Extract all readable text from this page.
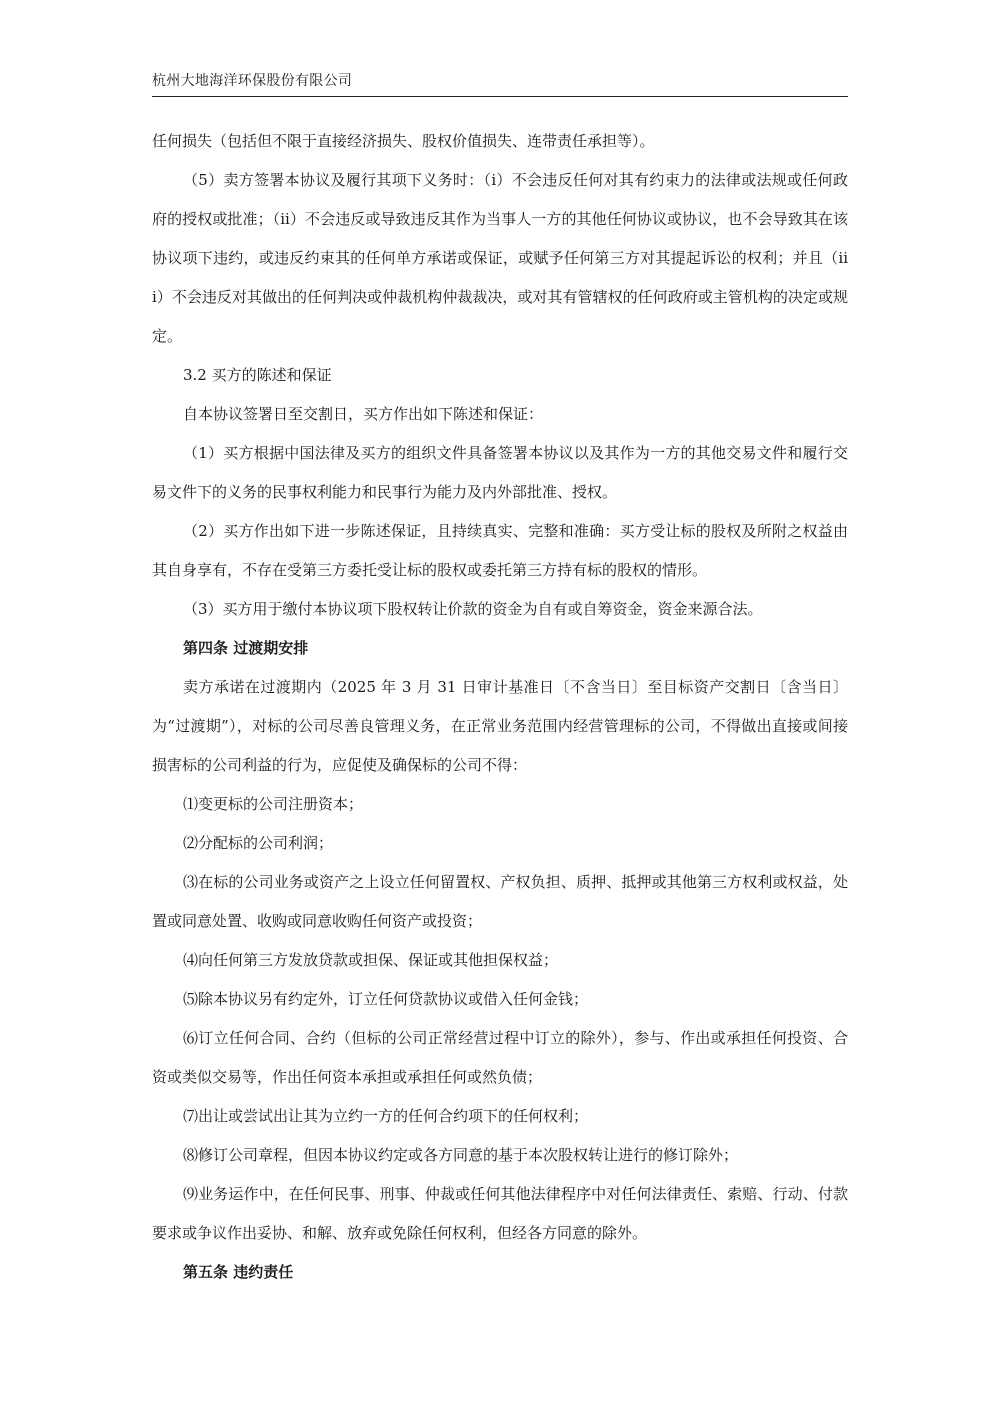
杭州大地海洋环保股份有限公司

任何损失（包括但不限于直接经济损失、股权价值损失、连带责任承担等）。

（5）卖方签署本协议及履行其项下义务时：（i）不会违反任何对其有约束力的法律或法规或任何政府的授权或批准；（ii）不会违反或导致违反其作为当事人一方的其他任何协议或协议，也不会导致其在该协议项下违约，或违反约束其的任何单方承诺或保证，或赋予任何第三方对其提起诉讼的权利；并且（iii）不会违反对其做出的任何判决或仲裁机构仲裁裁决，或对其有管辖权的任何政府或主管机构的决定或规定。

3.2 买方的陈述和保证

自本协议签署日至交割日，买方作出如下陈述和保证：

（1）买方根据中国法律及买方的组织文件具备签署本协议以及其作为一方的其他交易文件和履行交易文件下的义务的民事权利能力和民事行为能力及内外部批准、授权。

（2）买方作出如下进一步陈述保证，且持续真实、完整和准确：买方受让标的股权及所附之权益由其自身享有，不存在受第三方委托受让标的股权或委托第三方持有标的股权的情形。

（3）买方用于缴付本协议项下股权转让价款的资金为自有或自筹资金，资金来源合法。

第四条 过渡期安排

卖方承诺在过渡期内（2025 年 3 月 31 日审计基准日〔不含当日〕至目标资产交割日〔含当日〕为“过渡期”），对标的公司尽善良管理义务，在正常业务范围内经营管理标的公司，不得做出直接或间接损害标的公司利益的行为，应促使及确保标的公司不得：

⑴变更标的公司注册资本；

⑵分配标的公司利润；

⑶在标的公司业务或资产之上设立任何留置权、产权负担、质押、抵押或其他第三方权利或权益，处置或同意处置、收购或同意收购任何资产或投资；

⑷向任何第三方发放贷款或担保、保证或其他担保权益；

⑸除本协议另有约定外，订立任何贷款协议或借入任何金钱；

⑹订立任何合同、合约（但标的公司正常经营过程中订立的除外），参与、作出或承担任何投资、合资或类似交易等，作出任何资本承担或承担任何或然负债；

⑺出让或尝试出让其为立约一方的任何合约项下的任何权利；

⑻修订公司章程，但因本协议约定或各方同意的基于本次股权转让进行的修订除外；

⑼业务运作中，在任何民事、刑事、仲裁或任何其他法律程序中对任何法律责任、索赔、行动、付款要求或争议作出妥协、和解、放弃或免除任何权利，但经各方同意的除外。

第五条 违约责任
